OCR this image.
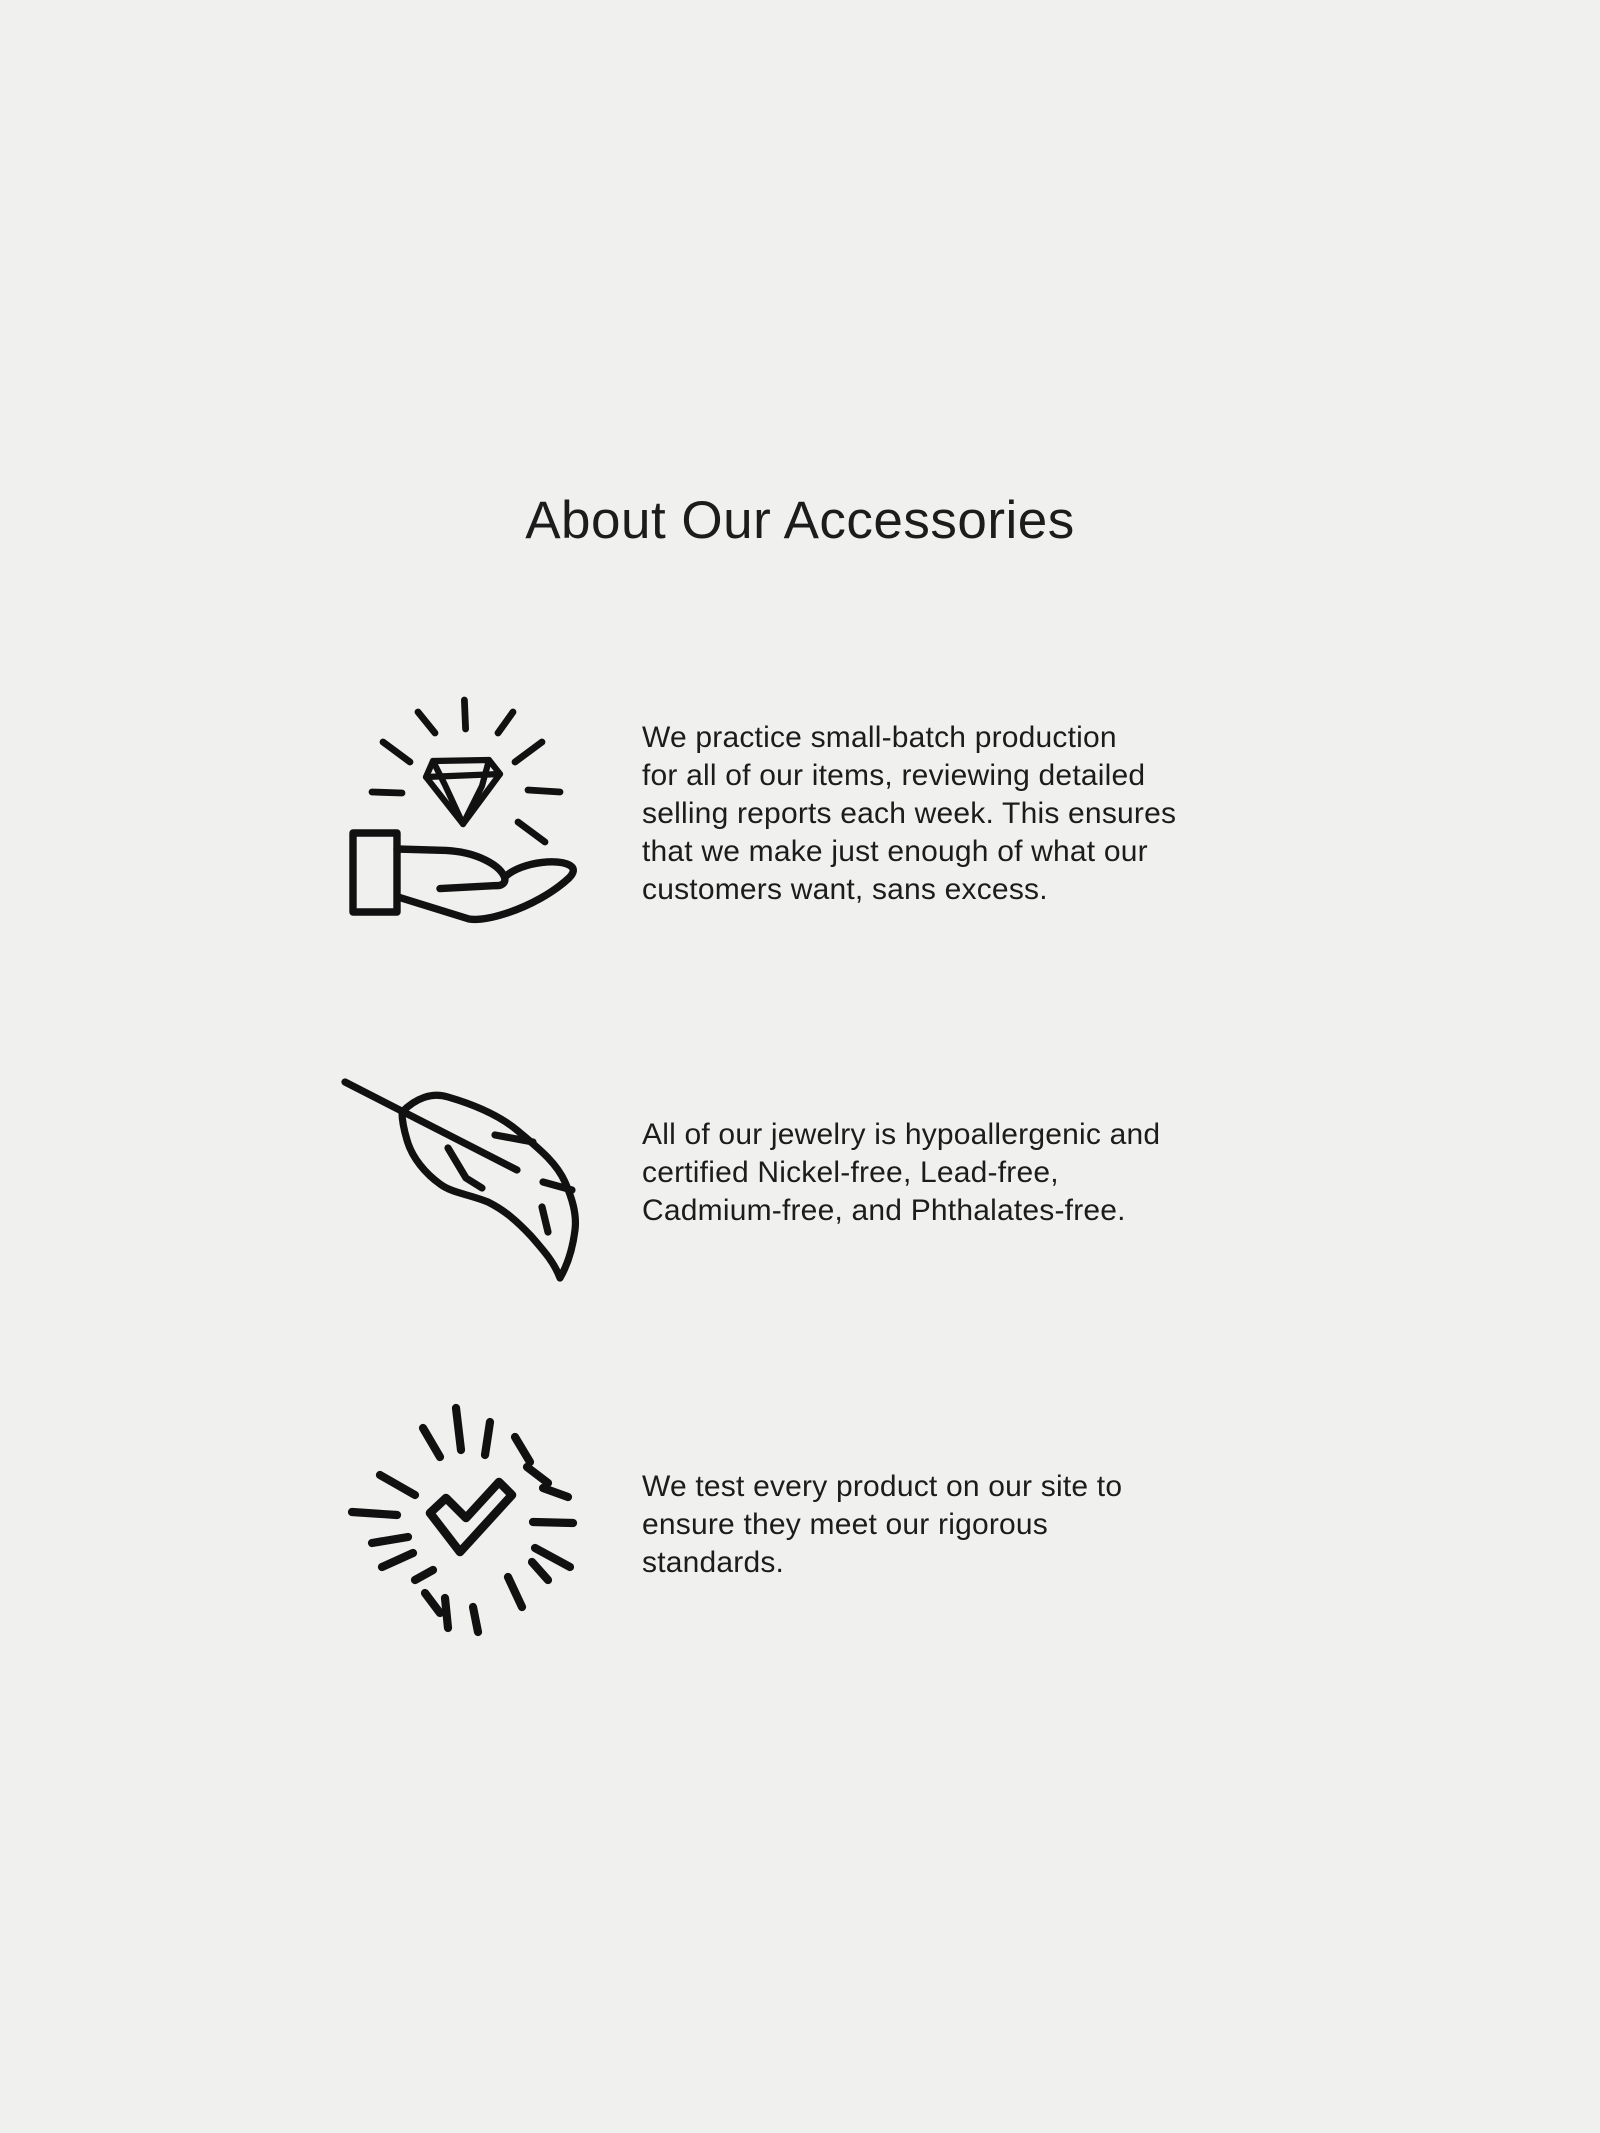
About Our Accessories
We practice small-batch production
for all of our items, reviewing detailed
selling reports each week. This ensures
that we make just enough of what our
customers want, sans excess.
All of our jewelry is hypoallergenic and
certified Nickel-free, Lead-free,
Cadmium-free, and Phthalates-free.
We test every product on our site to
ensure they meet our rigorous
standards.
